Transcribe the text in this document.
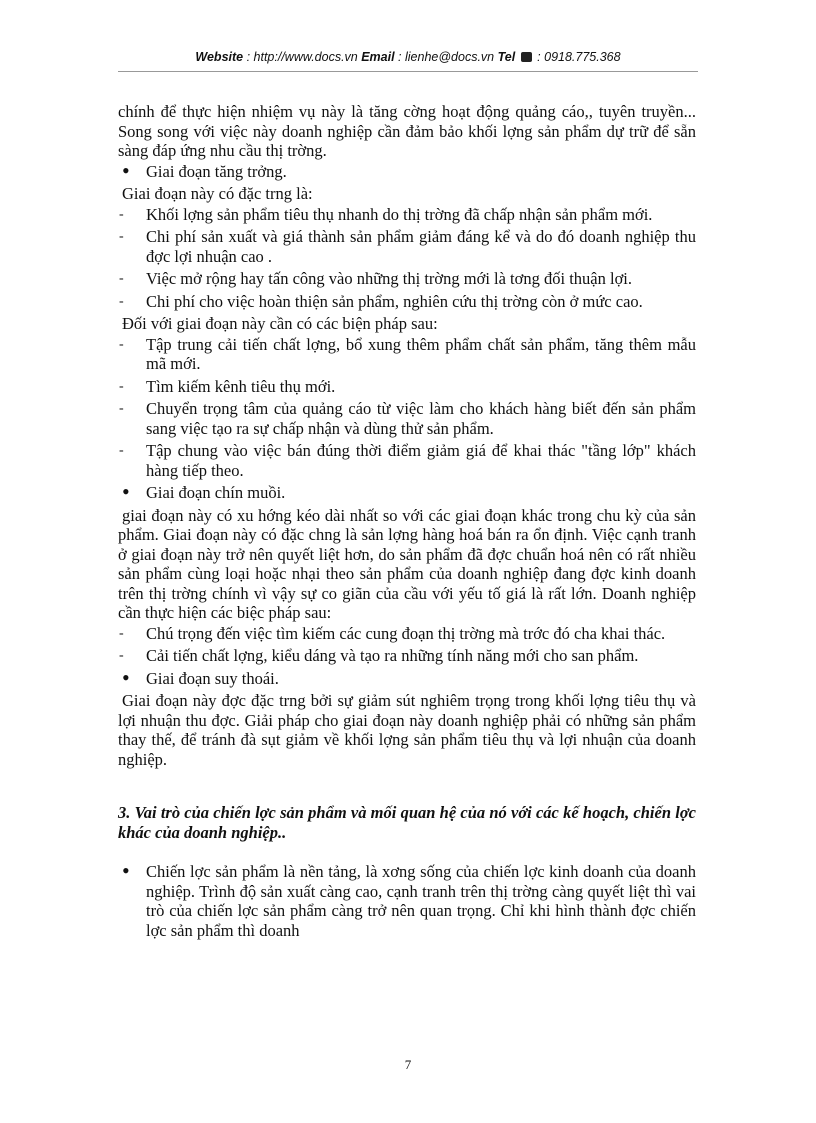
Website : http://www.docs.vn Email : lienhe@docs.vn Tel  : 0918.775.368

chính để thực hiện nhiệm vụ này là tăng cờng hoạt động quảng cáo,, tuyên truyền... Song song với việc này doanh nghiệp cần đảm bảo khối lợng sản phẩm dự trữ để sẵn sàng đáp ứng nhu cầu thị trờng.

• Giai đoạn tăng trởng.

Giai đoạn này có đặc trng là:

- Khối lợng sản phẩm tiêu thụ nhanh do thị trờng đã chấp nhận sản phẩm mới.
- Chi phí sản xuất và giá thành sản phẩm giảm đáng kể và do đó doanh nghiệp thu đợc lợi nhuận cao .
- Việc mở rộng hay tấn công vào những thị trờng mới là tơng đối thuận lợi.
- Chi phí cho việc hoàn thiện sản phẩm, nghiên cứu thị trờng còn ở mức cao.

Đối với giai đoạn này cần có các biện pháp sau:

- Tập trung cải tiến chất lợng, bổ xung thêm phẩm chất sản phẩm, tăng thêm mẫu mã mới.
- Tìm kiếm kênh tiêu thụ mới.
- Chuyển trọng tâm của quảng cáo từ việc làm cho khách hàng biết đến sản phẩm sang việc tạo ra sự chấp nhận và dùng thử sản phẩm.
- Tập chung vào việc bán đúng thời điểm giảm giá để khai thác "tầng lớp" khách hàng tiếp theo.
• Giai đoạn chín muồi.

giai đoạn này có xu hớng kéo dài nhất so với các giai đoạn khác trong chu kỳ của sản phẩm. Giai đoạn này có đặc chng là sản lợng hàng hoá bán ra ổn định. Việc cạnh tranh ở giai đoạn này trở nên quyết liệt hơn, do sản phẩm đã đợc chuẩn hoá nên có rất nhiều sản phẩm cùng loại hoặc nhại theo sản phẩm của doanh nghiệp đang đợc kinh doanh trên thị trờng chính vì vậy sự co giãn của cầu với yếu tố giá là rất lớn. Doanh nghiệp cần thực hiện các biệc pháp sau:

- Chú trọng đến việc tìm kiếm các cung đoạn thị trờng mà trớc đó cha khai thác.
- Cải tiến chất lợng, kiểu dáng và tạo ra những tính năng mới cho san phẩm.
• Giai đoạn suy thoái.

Giai đoạn này đợc đặc trng bởi sự giảm sút nghiêm trọng trong khối lợng tiêu thụ và lợi nhuận thu đợc. Giải pháp cho giai đoạn này doanh nghiệp phải có những sản phẩm thay thế, để tránh đà sụt giảm về khối lợng sản phẩm tiêu thụ và lợi nhuận của doanh nghiệp.

3. Vai trò của chiến lợc sản phẩm và mối quan hệ của nó với các kế hoạch, chiến lợc khác của doanh nghiệp..

• Chiến lợc sản phẩm là nền tảng, là xơng sống của chiến lợc kinh doanh của doanh nghiệp. Trình độ sản xuất càng cao, cạnh tranh trên thị trờng càng quyết liệt thì vai trò của chiến lợc sản phẩm càng trở nên quan trọng. Chỉ khi hình thành đợc chiến lợc sản phẩm thì doanh
7
